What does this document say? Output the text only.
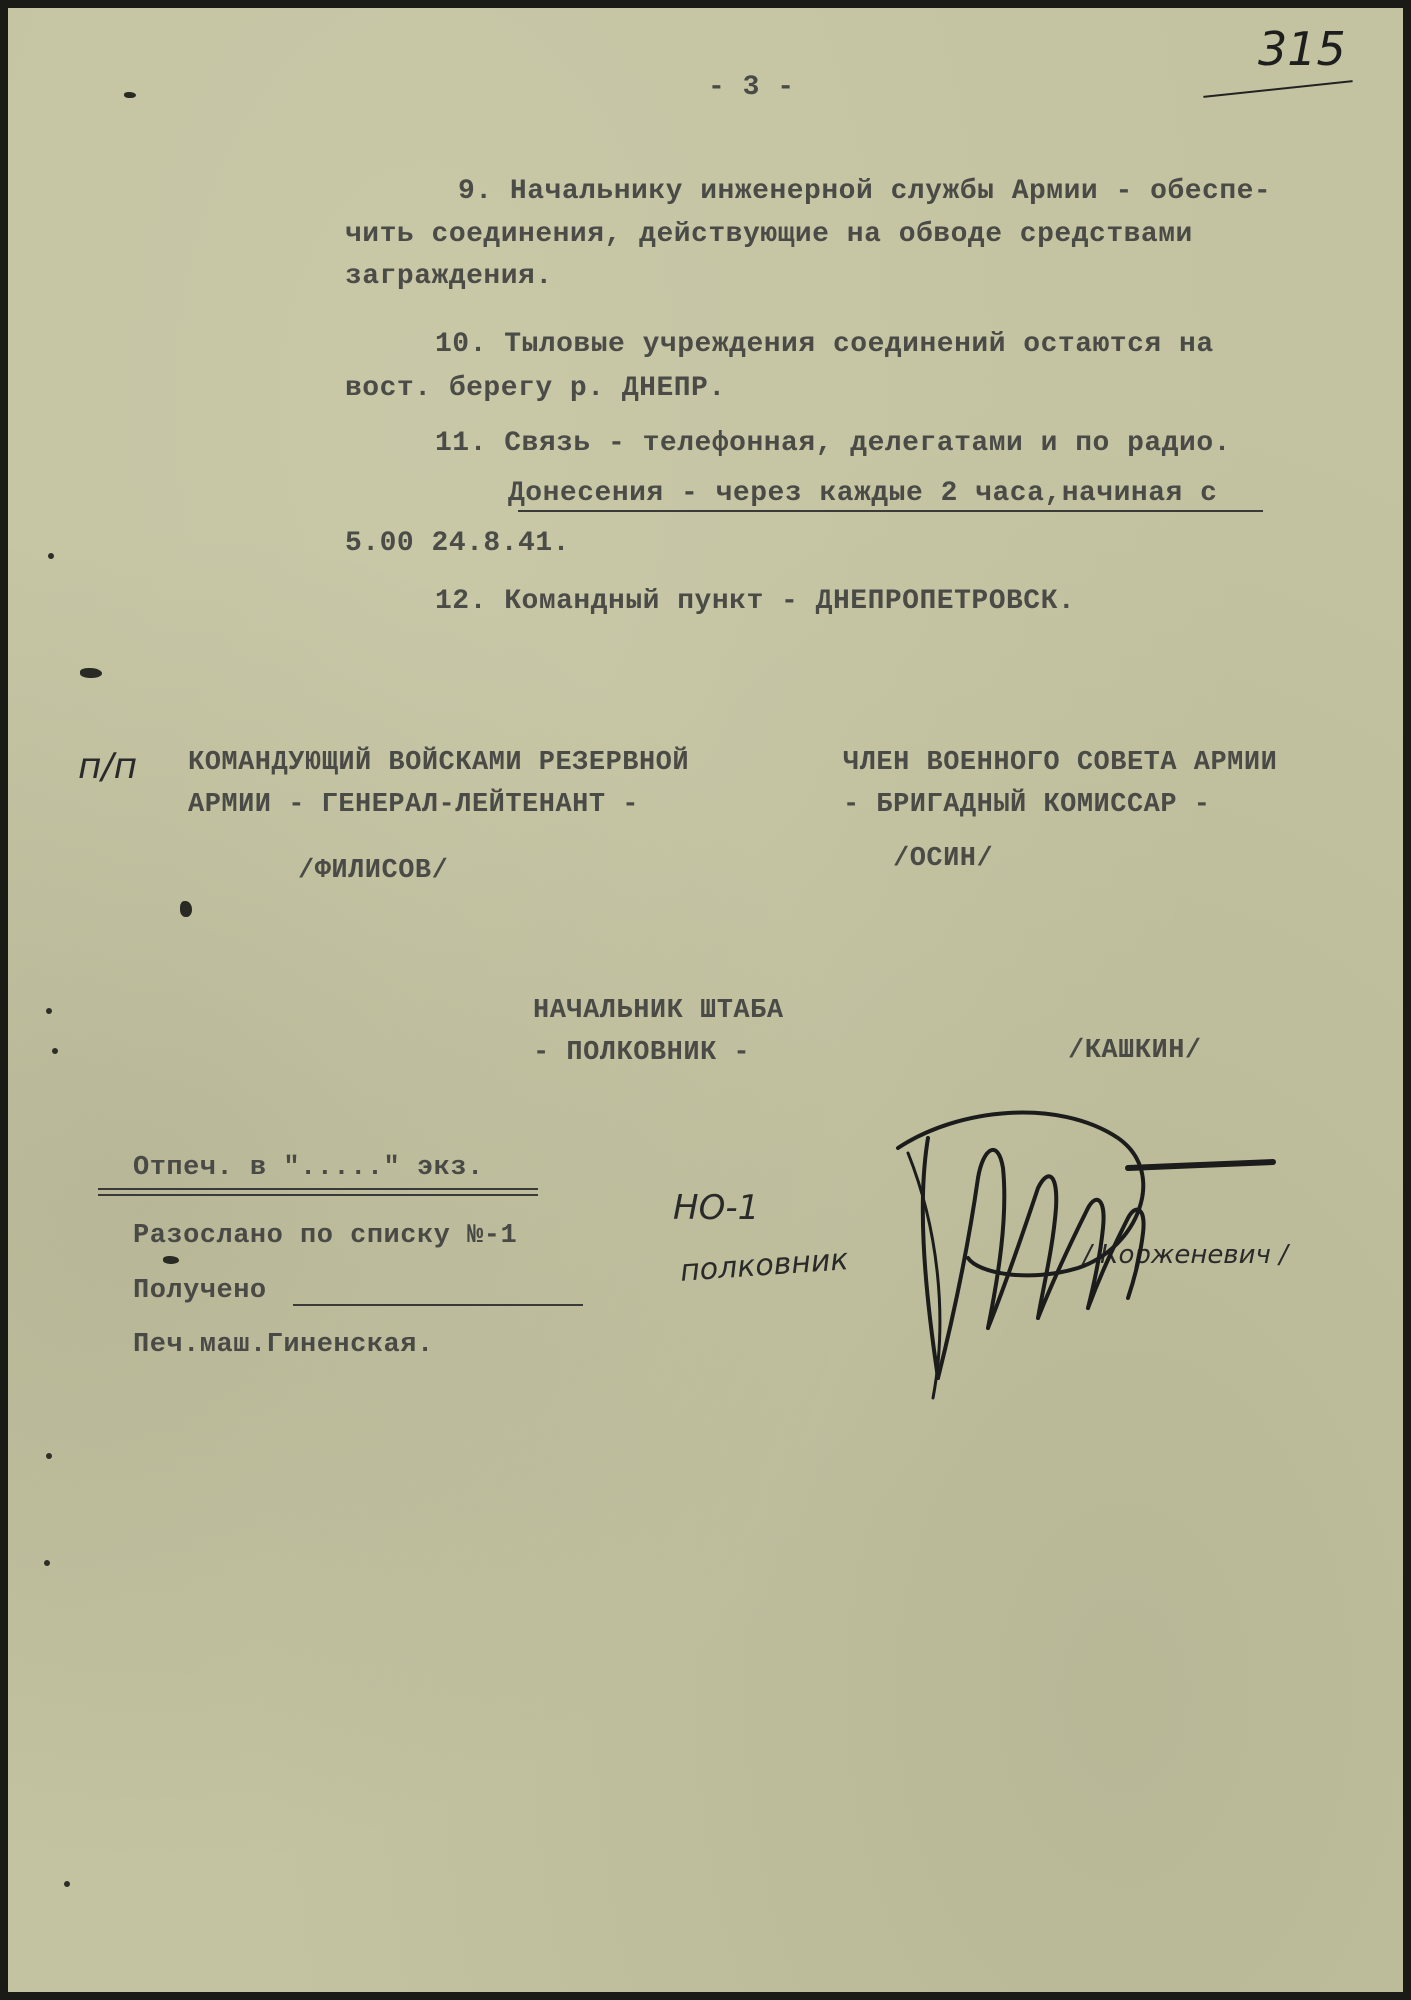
- 3 -
315
9. Начальнику инженерной службы Армии - обеспе-
чить соединения, действующие на обводе средствами
заграждения.
10. Тыловые учреждения соединений остаются на
вост. берегу р. ДНЕПР.
11. Связь - телефонная, делегатами и по радио.
Донесения - через каждые 2 часа,начиная с
5.00 24.8.41.
12. Командный пункт - ДНЕПРОПЕТРОВСК.
п/п КОМАНДУЮЩИЙ ВОЙСКАМИ РЕЗЕРВНОЙ
АРМИИ - ГЕНЕРАЛ-ЛЕЙТЕНАНТ -
/ФИЛИСОВ/
ЧЛЕН ВОЕННОГО СОВЕТА АРМИИ
- БРИГАДНЫЙ КОМИССАР -
/ОСИН/
НАЧАЛЬНИК ШТАБА
- ПОЛКОВНИК -	/КАШКИН/
Отпеч. в "....." экз.
Разослано по списку №-1
Получено
Печ.маш.Гиненская.
НО-1
полковник	/ Корженевич /
